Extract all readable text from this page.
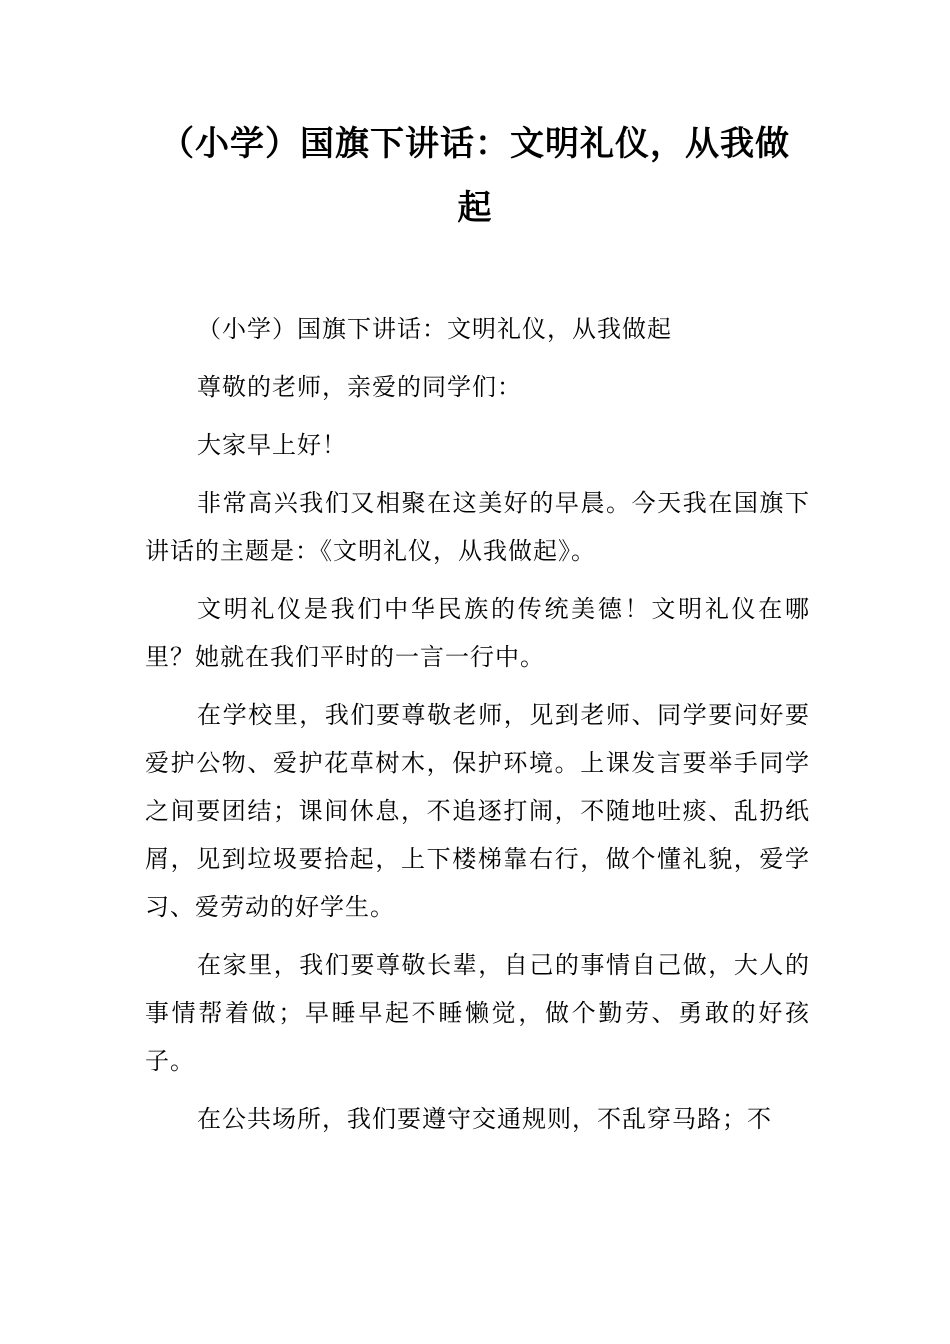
（小学）国旗下讲话：文明礼仪，从我做起

（小学）国旗下讲话：文明礼仪，从我做起

尊敬的老师，亲爱的同学们：

大家早上好！

非常高兴我们又相聚在这美好的早晨。今天我在国旗下讲话的主题是：《文明礼仪，从我做起》。

文明礼仪是我们中华民族的传统美德！文明礼仪在哪里？她就在我们平时的一言一行中。

在学校里，我们要尊敬老师，见到老师、同学要问好要爱护公物、爱护花草树木，保护环境。上课发言要举手同学之间要团结；课间休息，不追逐打闹，不随地吐痰、乱扔纸屑，见到垃圾要拾起，上下楼梯靠右行，做个懂礼貌，爱学习、爱劳动的好学生。

在家里，我们要尊敬长辈，自己的事情自己做，大人的事情帮着做；早睡早起不睡懒觉，做个勤劳、勇敢的好孩子。

在公共场所，我们要遵守交通规则，不乱穿马路；不
